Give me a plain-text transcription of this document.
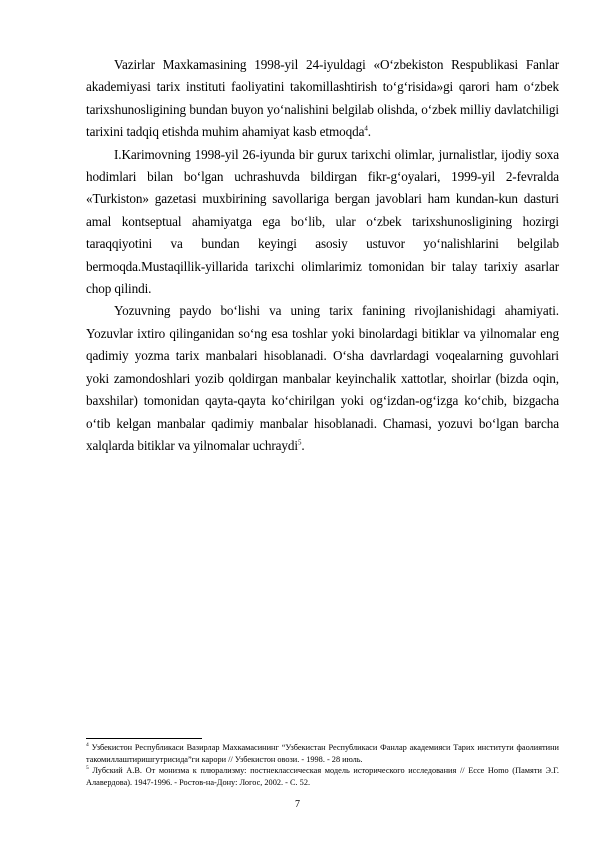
Vazirlar Maxkamasining 1998-yil 24-iyuldagi «O‘zbekiston Respublikasi Fanlar akademiyasi tarix instituti faoliyatini takomillashtirish to‘g‘risida»gi qarori ham o‘zbek tarixshunosligining bundan buyon yo‘nalishini belgilab olishda, o‘zbek milliy davlatchiligi tarixini tadqiq etishda muhim ahamiyat kasb etmoqda$^4$.

I.Karimovning 1998-yil 26-iyunda bir gurux tarixchi olimlar, jurnalistlar, ijodiy soxa hodimlari bilan bo‘lgan uchrashuvda bildirgan fikr-g‘oyalari, 1999-yil 2-fevralda «Turkiston» gazetasi muxbirining savollariga bergan javoblari ham kundan-kun dasturi amal kontseptual ahamiyatga ega bo‘lib, ular o‘zbek tarixshunosligining hozirgi taraqqiyotini va bundan keyingi asosiy ustuvor yo‘nalishlarini belgilab bermoqda.Mustaqillik-yillarida tarixchi olimlarimiz tomonidan bir talay tarixiy asarlar chop qilindi.

Yozuvning paydo bo‘lishi va uning tarix fanining rivojlanishidagi ahamiyati. Yozuvlar ixtiro qilinganidan so‘ng esa toshlar yoki binolardagi bitiklar va yilnomalar eng qadimiy yozma tarix manbalari hisoblanadi. O‘sha davrlardagi voqealarning guvohlari yoki zamondoshlari yozib qoldirgan manbalar keyinchalik xattotlar, shoirlar (bizda oqin, baxshilar) tomonidan qayta-qayta ko‘chirilgan yoki og‘izdan-og‘izga ko‘chib, bizgacha o‘tib kelgan manbalar qadimiy manbalar hisoblanadi. Chamasi, yozuvi bo‘lgan barcha xalqlarda bitiklar va yilnomalar uchraydi$^5$.

$^4$ Узбекистон Республикаси Вазирлар Махкамасининг “Узбекистан Республикаси Фанлар академияси Тарих институти фаолиятини такомиллаштиришгутрисида”ги карори // Узбекистон овози. - 1998. - 28 июль.

$^5$ Лубский А.В. От монизма к плюрализму: постнеклассическая модель исторического исследования // Ecce Homo (Памяти Э.Г. Алавердова). 1947-1996. - Ростов-на-Дону: Логос, 2002. - С. 52.

7
